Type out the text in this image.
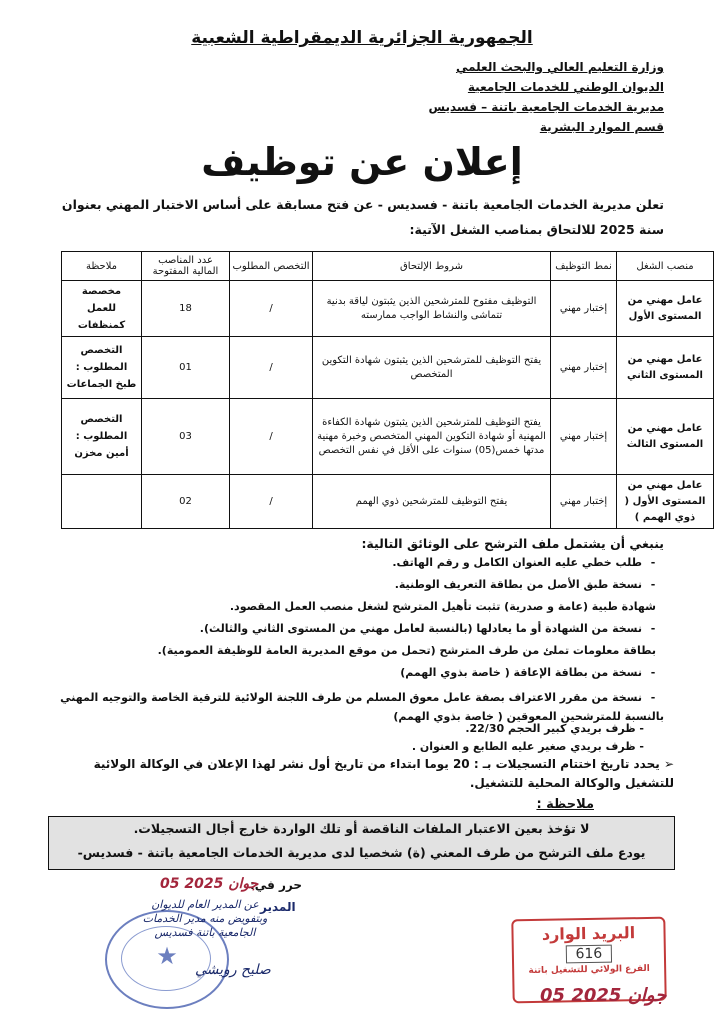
الجمهورية الجزائرية الديمقراطية الشعبية
وزارة التعليم العالي والبحث العلمي
الديوان الوطني للخدمات الجامعية
مديرية الخدمات الجامعية باتنة – فسديس
قسم الموارد البشرية
إعلان عن توظيف
تعلن مديرية الخدمات الجامعية باتنة - فسديس - عن فتح مسابقة على أساس الاختبار المهني بعنوان
سنة 2025 للالتحاق بمناصب الشغل الآتية:
منصب الشغل	نمط التوظيف	شروط الإلتحاق	التخصص المطلوب	عدد المناصب المالية المفتوحة	ملاحظة
عامل مهني من المستوى الأول	إختبار مهني	التوظيف مفتوح للمترشحين الذين يثبتون لياقة بدنية تتماشى والنشاط الواجب ممارسته	/	18	مخصصة للعمل كمنظفات
عامل مهني من المستوى الثاني	إختبار مهني	يفتح التوظيف للمترشحين الذين يثبتون شهادة التكوين المتخصص	/	01	التخصص المطلوب : طبخ الجماعات
عامل مهني من المستوى الثالث	إختبار مهني	يفتح التوظيف للمترشحين الذين يثبتون شهادة الكفاءة المهنية أو شهادة التكوين المهني المتخصص وخبرة مهنية مدتها خمس(05) سنوات على الأقل في نفس التخصص	/	03	التخصص المطلوب : أمين مخزن
عامل مهني من المستوى الأول ( ذوي الهمم )	إختبار مهني	يفتح التوظيف للمترشحين ذوي الهمم	/	02	
ينبغي أن يشتمل ملف الترشح على الوثائق التالية:
- طلب خطي عليه العنوان الكامل و رقم الهاتف.
- نسخة طبق الأصل من بطاقة التعريف الوطنية.
شهادة طبية (عامة و صدرية) تثبت تأهيل المترشح لشغل منصب العمل المقصود.
- نسخة من الشهادة أو ما يعادلها (بالنسبة لعامل مهني من المستوى الثاني والثالث).
بطاقة معلومات تملئ من طرف المترشح (تحمل من موقع المديرية العامة للوظيفة العمومية).
- نسخة من بطاقة الإعاقة ( خاصة بذوي الهمم)
- نسخة من مقرر الاعتراف بصفة عامل معوق المسلم من طرف اللجنة الولائية للترقية الخاصة والتوجيه المهني بالنسبة للمترشحين المعوقين ( خاصة بذوي الهمم)
- ظرف بريدي كبير الحجم 22/30.
- ظرف بريدي صغير عليه الطابع و العنوان .
➢ يحدد تاريخ اختتام التسجيلات بـ : 20 يوما ابتداء من تاريخ أول نشر لهذا الإعلان في الوكالة الولائية للتشغيل والوكالة المحلية للتشغيل.
ملاحظة :
لا تؤخذ بعين الاعتبار الملفات الناقصة أو تلك الواردة خارج أجال التسجيلات.
يودع ملف الترشح من طرف المعني (ة) شخصيا لدى مديرية الخدمات الجامعية باتنة - فسديس-
حرر في:
05 جوان 2025
★
المدير
عن المدير العام للديوان
وبتفويض منه مدير الخدمات
الجامعية باتنة فسديس
صليح رويشي
البريد الوارد
616
الفرع الولائي للتشغيل باتنة
05 جوان 2025
